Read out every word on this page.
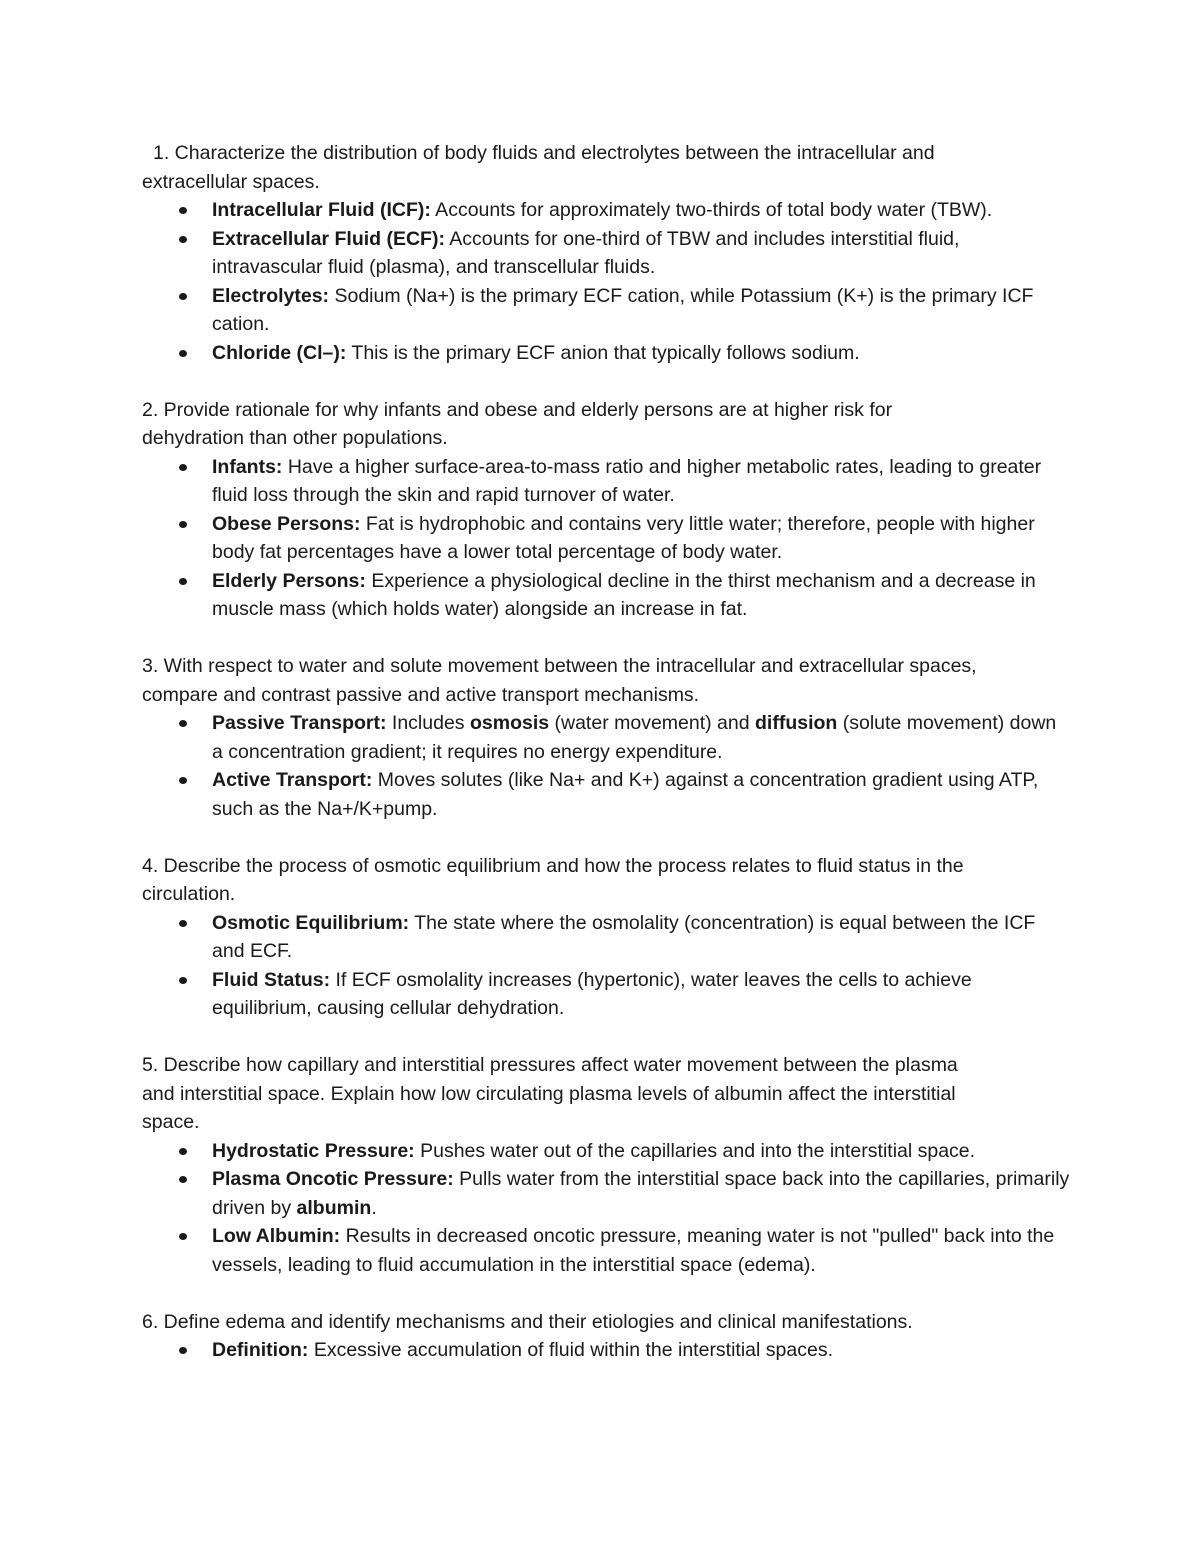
1. Characterize the distribution of body fluids and electrolytes between the intracellular and extracellular spaces.

Intracellular Fluid (ICF): Accounts for approximately two-thirds of total body water (TBW).
Extracellular Fluid (ECF): Accounts for one-third of TBW and includes interstitial fluid, intravascular fluid (plasma), and transcellular fluids.
Electrolytes: Sodium (Na+) is the primary ECF cation, while Potassium (K+) is the primary ICF cation.
Chloride (Cl–): This is the primary ECF anion that typically follows sodium.

2. Provide rationale for why infants and obese and elderly persons are at higher risk for dehydration than other populations.

Infants: Have a higher surface-area-to-mass ratio and higher metabolic rates, leading to greater fluid loss through the skin and rapid turnover of water.
Obese Persons: Fat is hydrophobic and contains very little water; therefore, people with higher body fat percentages have a lower total percentage of body water.
Elderly Persons: Experience a physiological decline in the thirst mechanism and a decrease in muscle mass (which holds water) alongside an increase in fat.

3. With respect to water and solute movement between the intracellular and extracellular spaces, compare and contrast passive and active transport mechanisms.

Passive Transport: Includes osmosis (water movement) and diffusion (solute movement) down a concentration gradient; it requires no energy expenditure.
Active Transport: Moves solutes (like Na+ and K+) against a concentration gradient using ATP, such as the Na+/K+pump.

4. Describe the process of osmotic equilibrium and how the process relates to fluid status in the circulation.

Osmotic Equilibrium: The state where the osmolality (concentration) is equal between the ICF and ECF.
Fluid Status: If ECF osmolality increases (hypertonic), water leaves the cells to achieve equilibrium, causing cellular dehydration.

5. Describe how capillary and interstitial pressures affect water movement between the plasma and interstitial space. Explain how low circulating plasma levels of albumin affect the interstitial space.

Hydrostatic Pressure: Pushes water out of the capillaries and into the interstitial space.
Plasma Oncotic Pressure: Pulls water from the interstitial space back into the capillaries, primarily driven by albumin.
Low Albumin: Results in decreased oncotic pressure, meaning water is not "pulled" back into the vessels, leading to fluid accumulation in the interstitial space (edema).

6. Define edema and identify mechanisms and their etiologies and clinical manifestations.

Definition: Excessive accumulation of fluid within the interstitial spaces.
